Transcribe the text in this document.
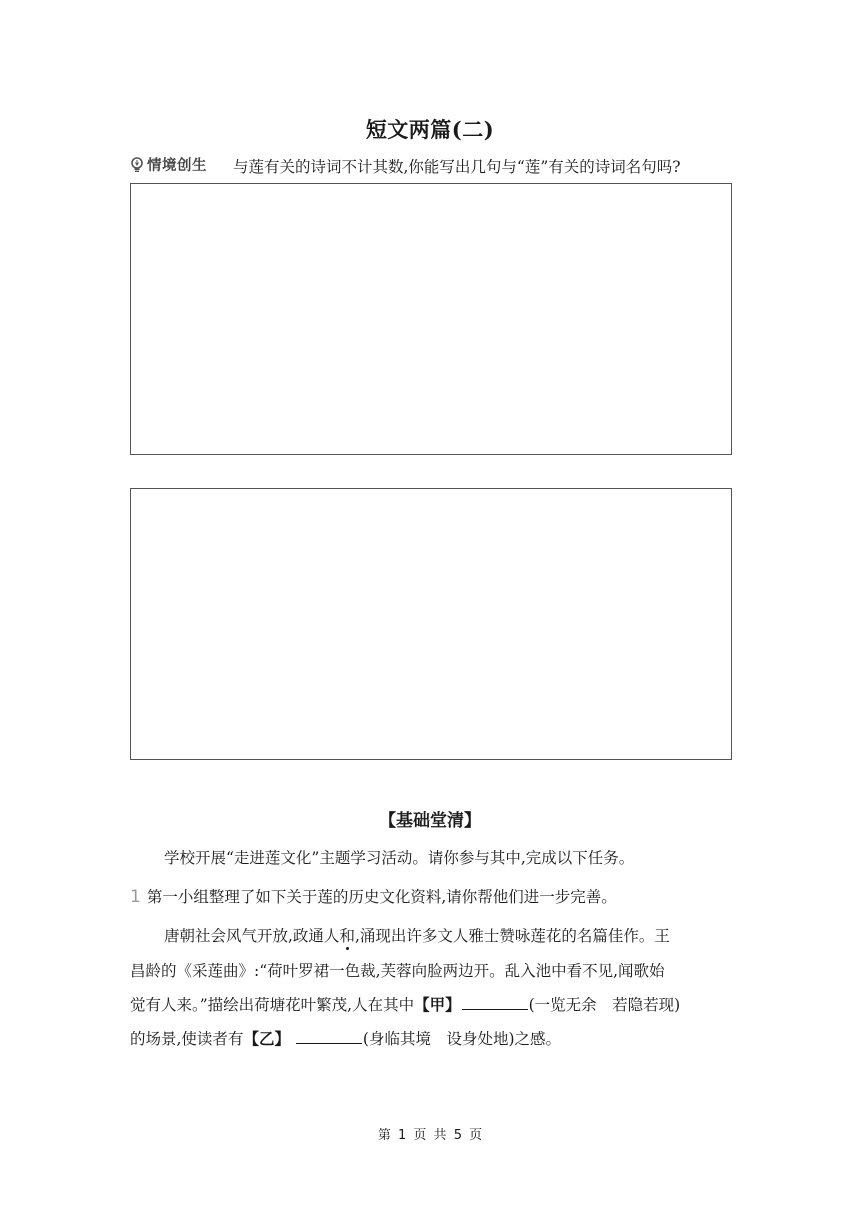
短文两篇(二)
情境创生 与莲有关的诗词不计其数,你能写出几句与“莲”有关的诗词名句吗?
【基础堂清】
学校开展“走进莲文化”主题学习活动。请你参与其中,完成以下任务。
1 第一小组整理了如下关于莲的历史文化资料,请你帮他们进一步完善。
唐朝社会风气开放,政通人和,涌现出许多文人雅士赞咏莲花的名篇佳作。王
昌龄的《采莲曲》:“荷叶罗裙一色裁,芙蓉向脸两边开。乱入池中看不见,闻歌始
觉有人来。”描绘出荷塘花叶繁茂,人在其中【甲】	(一览无余　若隐若现)
的场景,使读者有【乙】	(身临其境　设身处地)之感。
第 1 页 共 5 页
